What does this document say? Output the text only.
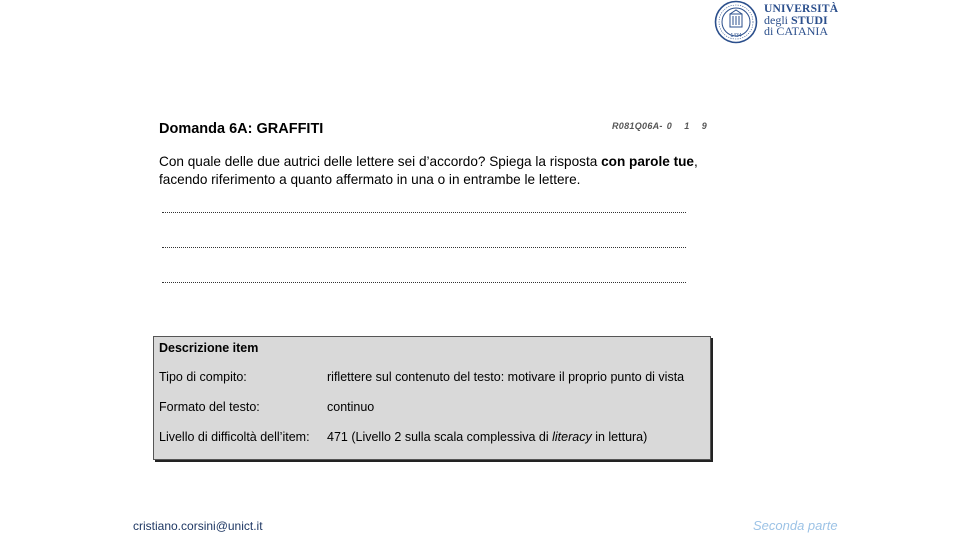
1434
UNIVERSITÀ
degli STUDI
di CATANIA
Domanda 6A: GRAFFITI	R081Q06A- 0 1 9
Con quale delle due autrici delle lettere sei d’accordo? Spiega la risposta con parole tue, facendo riferimento a quanto affermato in una o in entrambe le lettere.
Descrizione item
Tipo di compito:	riflettere sul contenuto del testo: motivare il proprio punto di vista
Formato del testo:	continuo
Livello di difficoltà dell’item: 471 (Livello 2 sulla scala complessiva di literacy in lettura)
cristiano.corsini@unict.it	Seconda parte
